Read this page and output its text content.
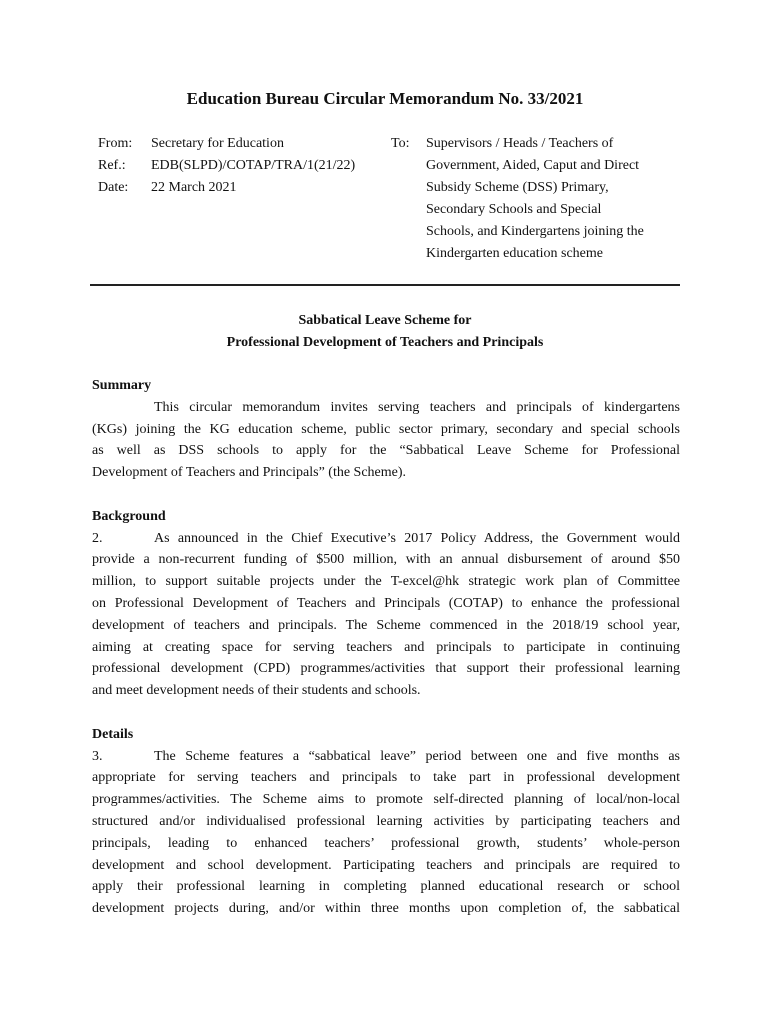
Education Bureau Circular Memorandum No. 33/2021
From:	Secretary for Education
Ref.:	EDB(SLPD)/COTAP/TRA/1(21/22)
Date:	22 March 2021
To:	Supervisors / Heads / Teachers of
Government, Aided, Caput and Direct
Subsidy Scheme (DSS) Primary,
Secondary Schools and Special
Schools, and Kindergartens joining the
Kindergarten education scheme
Sabbatical Leave Scheme for
Professional Development of Teachers and Principals
Summary
This circular memorandum invites serving teachers and principals of kindergartens
(KGs) joining the KG education scheme, public sector primary, secondary and special schools
as well as DSS schools to apply for the “Sabbatical Leave Scheme for Professional
Development of Teachers and Principals” (the Scheme).
Background
2.	As announced in the Chief Executive’s 2017 Policy Address, the Government would
provide a non-recurrent funding of $500 million, with an annual disbursement of around $50
million, to support suitable projects under the T-excel@hk strategic work plan of Committee
on Professional Development of Teachers and Principals (COTAP) to enhance the professional
development of teachers and principals. The Scheme commenced in the 2018/19 school year,
aiming at creating space for serving teachers and principals to participate in continuing
professional development (CPD) programmes/activities that support their professional learning
and meet development needs of their students and schools.
Details
3.	The Scheme features a “sabbatical leave” period between one and five months as
appropriate for serving teachers and principals to take part in professional development
programmes/activities. The Scheme aims to promote self-directed planning of local/non-local
structured and/or individualised professional learning activities by participating teachers and
principals, leading to enhanced teachers’ professional growth, students’ whole-person
development and school development. Participating teachers and principals are required to
apply their professional learning in completing planned educational research or school
development projects during, and/or within three months upon completion of, the sabbatical
